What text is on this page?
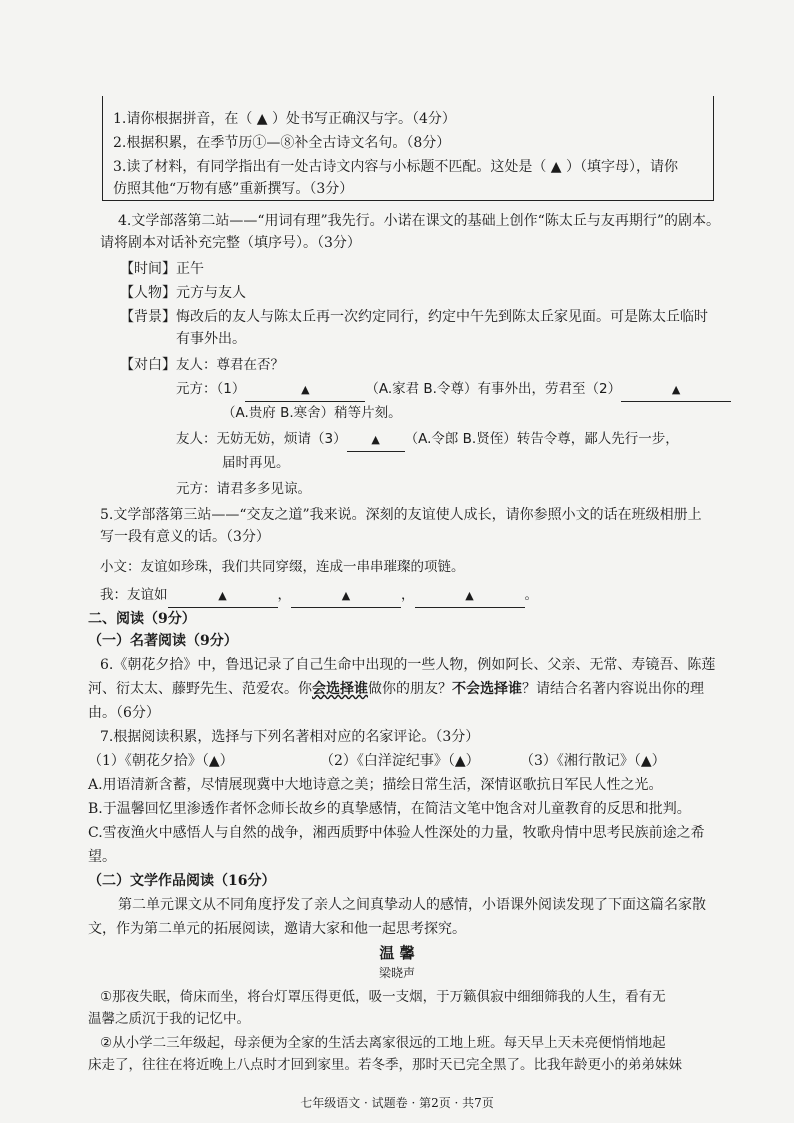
1.请你根据拼音，在（ ▲ ）处书写正确汉与字。（4分）
2.根据积累，在季节历①—⑧补全古诗文名句。（8分）
3.读了材料，有同学指出有一处古诗文内容与小标题不匹配。这处是（ ▲ ）（填字母），请你
仿照其他“万物有感”重新撰写。（3分）
4.文学部落第二站——“用词有理”我先行。小诺在课文的基础上创作“陈太丘与友再期行”的剧本。
请将剧本对话补充完整（填序号）。（3分）
【时间】正午
【人物】元方与友人
【背景】悔改后的友人与陈太丘再一次约定同行，约定中午先到陈太丘家见面。可是陈太丘临时
有事外出。
【对白】友人：尊君在否？
元方：（1）	▲	（A.家君 B.令尊）有事外出，劳君至（2）	▲
（A.贵府 B.寒舍）稍等片刻。
友人：无妨无妨，烦请（3） ▲ （A.令郎 B.贤侄）转告令尊，鄙人先行一步，
届时再见。
元方：请君多多见谅。
5.文学部落第三站——“交友之道”我来说。深刻的友谊使人成长，请你参照小文的话在班级相册上
写一段有意义的话。（3分）
小文：友谊如珍珠，我们共同穿缀，连成一串串璀璨的项链。
我：友谊如	▲	，	▲	，	▲	。
二、阅读（9分）
（一）名著阅读（9分）
6.《朝花夕拾》中，鲁迅记录了自己生命中出现的一些人物，例如阿长、父亲、无常、寿镜吾、陈莲
河、衍太太、藤野先生、范爱农。你会选择谁做你的朋友？不会选择谁？请结合名著内容说出你的理
由。（6分）
7.根据阅读积累，选择与下列名著相对应的名家评论。（3分）
（1）《朝花夕拾》（▲）	（2）《白洋淀纪事》（▲）	（3）《湘行散记》（▲）
A.用语清新含蓄，尽情展现冀中大地诗意之美；描绘日常生活，深情讴歌抗日军民人性之光。
B.于温馨回忆里渗透作者怀念师长故乡的真挚感情，在简洁文笔中饱含对儿童教育的反思和批判。
C.雪夜渔火中感悟人与自然的战争，湘西质野中体验人性深处的力量，牧歌舟情中思考民族前途之希
望。
（二）文学作品阅读（16分）
第二单元课文从不同角度抒发了亲人之间真挚动人的感情，小语课外阅读发现了下面这篇名家散
文，作为第二单元的拓展阅读，邀请大家和他一起思考探究。
温 馨
梁晓声
①那夜失眠，倚床而坐，将台灯罩压得更低，吸一支烟，于万籁俱寂中细细筛我的人生，看有无
温馨之质沉于我的记忆中。
②从小学二三年级起，母亲便为全家的生活去离家很远的工地上班。每天早上天未亮便悄悄地起
床走了，往往在将近晚上八点时才回到家里。若冬季，那时天已完全黑了。比我年龄更小的弟弟妹妹
七年级语文 · 试题卷 · 第2页 · 共7页
